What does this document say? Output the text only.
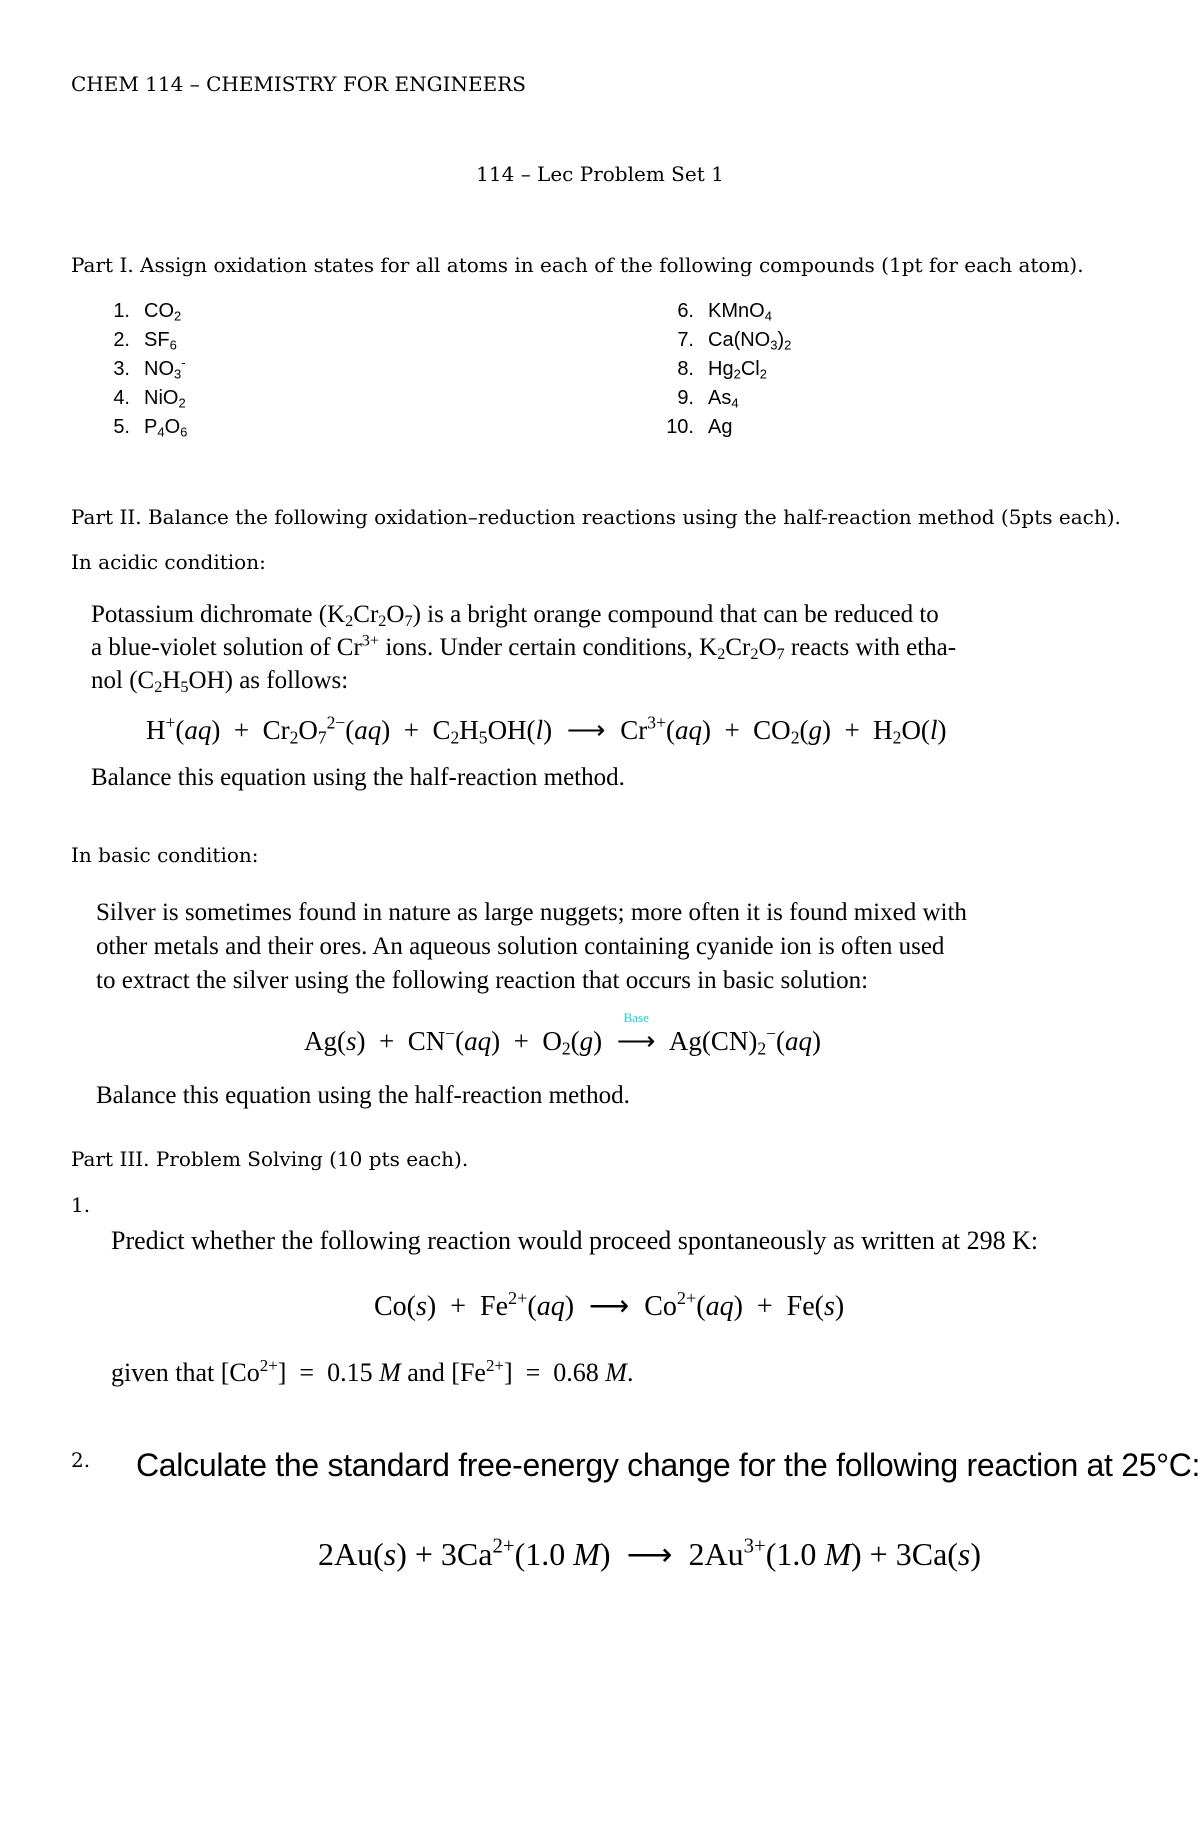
CHEM 114 – CHEMISTRY FOR ENGINEERS
114 – Lec Problem Set 1
Part I. Assign oxidation states for all atoms in each of the following compounds (1pt for each atom).
1. $CO_2$
2. $SF_6$
3. $NO_3^-$
4. NiO$_2$
5. $P_4O_6$
6. KMnO$_4$
7. $Ca(NO_3)_2$
8. $Hg_2Cl_2$
9. $As_4$
10. Ag
Part II. Balance the following oxidation–reduction reactions using the half-reaction method (5pts each).
In acidic condition:
Potassium dichromate $(K_2Cr_2O_7)$ is a bright orange compound that can be reduced to
a blue-violet solution of $Cr^{3+}$ ions. Under certain conditions, $K_2Cr_2O_7$ reacts with etha-
nol $(C_2H_5OH)$ as follows:
$H^+(aq) + Cr_2O_7^{2-}(aq) + C_2H_5OH(l)$ ⟶ $Cr^{3+}(aq) + CO_2(g) + H_2O(l)$
Balance this equation using the half-reaction method.
In basic condition:
Silver is sometimes found in nature as large nuggets; more often it is found mixed with
other metals and their ores. An aqueous solution containing cyanide ion is often used
to extract the silver using the following reaction that occurs in basic solution:
$Ag(s) + CN^-(aq) + O_2(g)$
Base
⟶ $Ag(CN)_2^-(aq)$
Balance this equation using the half-reaction method.
Part III. Problem Solving (10 pts each).
1.
Predict whether the following reaction would proceed spontaneously as written at 298 K:
$Co(s) + Fe^{2+}(aq)$ ⟶ $Co^{2+}(aq) + Fe(s)$
given that $[Co^{2+}] = 0.15$ M and $[Fe^{2+}] = 0.68$ M.
2. Calculate the standard free-energy change for the following reaction at 25°C:
$2Au(s) + 3Ca^{2+}(1.0$ M) ⟶ $2Au^{3+}(1.0$ M) + 3Ca(s)
